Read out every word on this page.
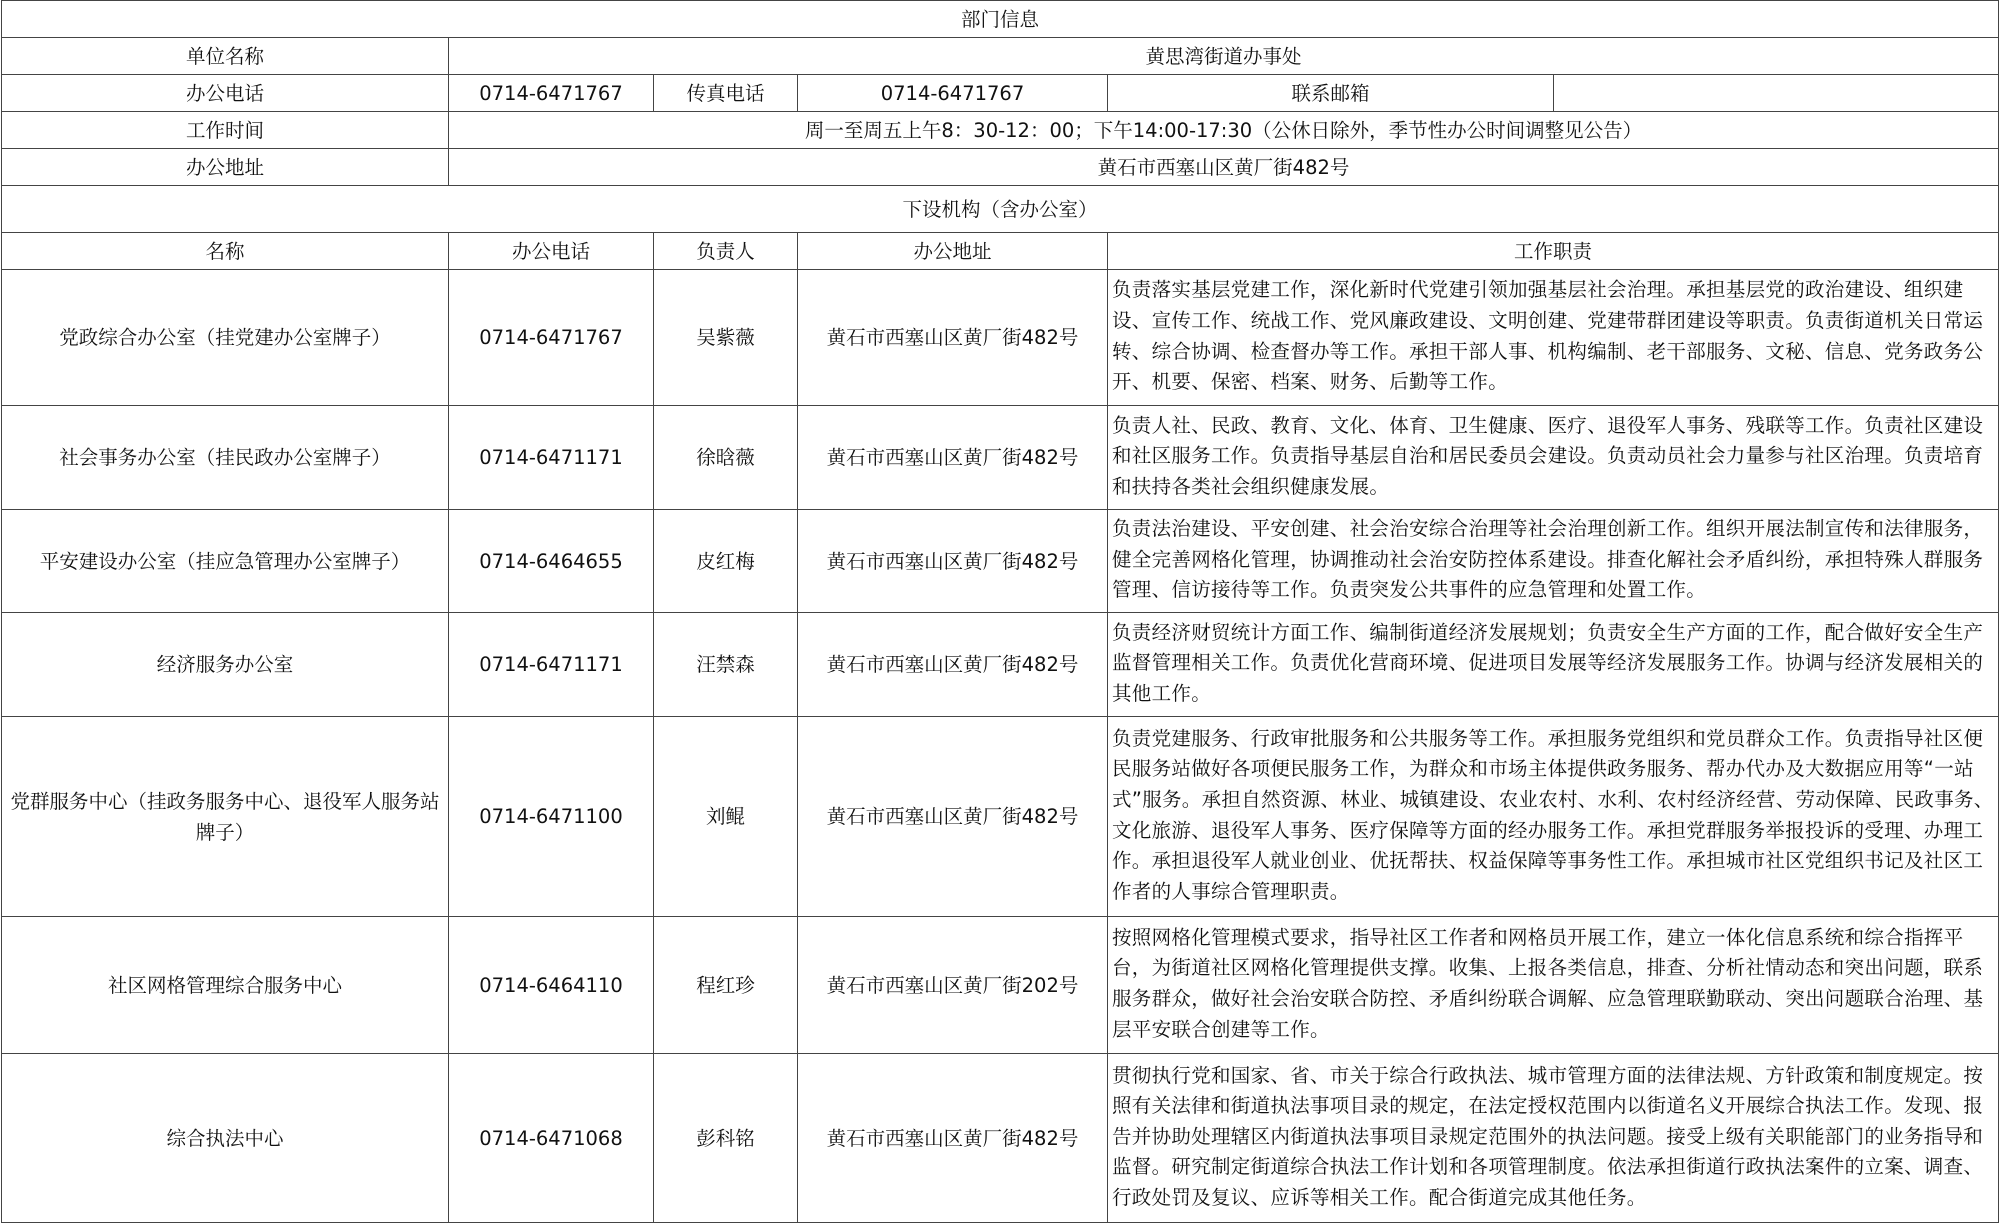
部门信息					
单位名称	黄思湾街道办事处				
办公电话	0714-6471767	传真电话	0714-6471767	联系邮箱	
工作时间	周一至周五上午8：30-12：00；下午14:00-17:30（公休日除外，季节性办公时间调整见公告）				
办公地址	黄石市西塞山区黄厂街482号				
下设机构（含办公室）					
名称	办公电话	负责人	办公地址	工作职责	
党政综合办公室（挂党建办公室牌子）	0714-6471767	吴紫薇	黄石市西塞山区黄厂街482号	负责落实基层党建工作，深化新时代党建引领加强基层社会治理。承担基层党的政治建设、组织建设、宣传工作、统战工作、党风廉政建设、文明创建、党建带群团建设等职责。负责街道机关日常运转、综合协调、检查督办等工作。承担干部人事、机构编制、老干部服务、文秘、信息、党务政务公开、机要、保密、档案、财务、后勤等工作。	
社会事务办公室（挂民政办公室牌子）	0714-6471171	徐晗薇	黄石市西塞山区黄厂街482号	负责人社、民政、教育、文化、体育、卫生健康、医疗、退役军人事务、残联等工作。负责社区建设和社区服务工作。负责指导基层自治和居民委员会建设。负责动员社会力量参与社区治理。负责培育和扶持各类社会组织健康发展。	
平安建设办公室（挂应急管理办公室牌子）	0714-6464655	皮红梅	黄石市西塞山区黄厂街482号	负责法治建设、平安创建、社会治安综合治理等社会治理创新工作。组织开展法制宣传和法律服务，健全完善网格化管理，协调推动社会治安防控体系建设。排查化解社会矛盾纠纷，承担特殊人群服务管理、信访接待等工作。负责突发公共事件的应急管理和处置工作。	
经济服务办公室	0714-6471171	汪禁森	黄石市西塞山区黄厂街482号	负责经济财贸统计方面工作、编制街道经济发展规划；负责安全生产方面的工作，配合做好安全生产监督管理相关工作。负责优化营商环境、促进项目发展等经济发展服务工作。协调与经济发展相关的其他工作。	
党群服务中心（挂政务服务中心、退役军人服务站牌子）	0714-6471100	刘鲲	黄石市西塞山区黄厂街482号	负责党建服务、行政审批服务和公共服务等工作。承担服务党组织和党员群众工作。负责指导社区便民服务站做好各项便民服务工作，为群众和市场主体提供政务服务、帮办代办及大数据应用等“一站式”服务。承担自然资源、林业、城镇建设、农业农村、水利、农村经济经营、劳动保障、民政事务、文化旅游、退役军人事务、医疗保障等方面的经办服务工作。承担党群服务举报投诉的受理、办理工作。承担退役军人就业创业、优抚帮扶、权益保障等事务性工作。承担城市社区党组织书记及社区工作者的人事综合管理职责。	
社区网格管理综合服务中心	0714-6464110	程红珍	黄石市西塞山区黄厂街202号	按照网格化管理模式要求，指导社区工作者和网格员开展工作，建立一体化信息系统和综合指挥平台，为街道社区网格化管理提供支撑。收集、上报各类信息，排查、分析社情动态和突出问题，联系服务群众，做好社会治安联合防控、矛盾纠纷联合调解、应急管理联勤联动、突出问题联合治理、基层平安联合创建等工作。	
综合执法中心	0714-6471068	彭科铭	黄石市西塞山区黄厂街482号	贯彻执行党和国家、省、市关于综合行政执法、城市管理方面的法律法规、方针政策和制度规定。按照有关法律和街道执法事项目录的规定，在法定授权范围内以街道名义开展综合执法工作。发现、报告并协助处理辖区内街道执法事项目录规定范围外的执法问题。接受上级有关职能部门的业务指导和监督。研究制定街道综合执法工作计划和各项管理制度。依法承担街道行政执法案件的立案、调查、行政处罚及复议、应诉等相关工作。配合街道完成其他任务。	
